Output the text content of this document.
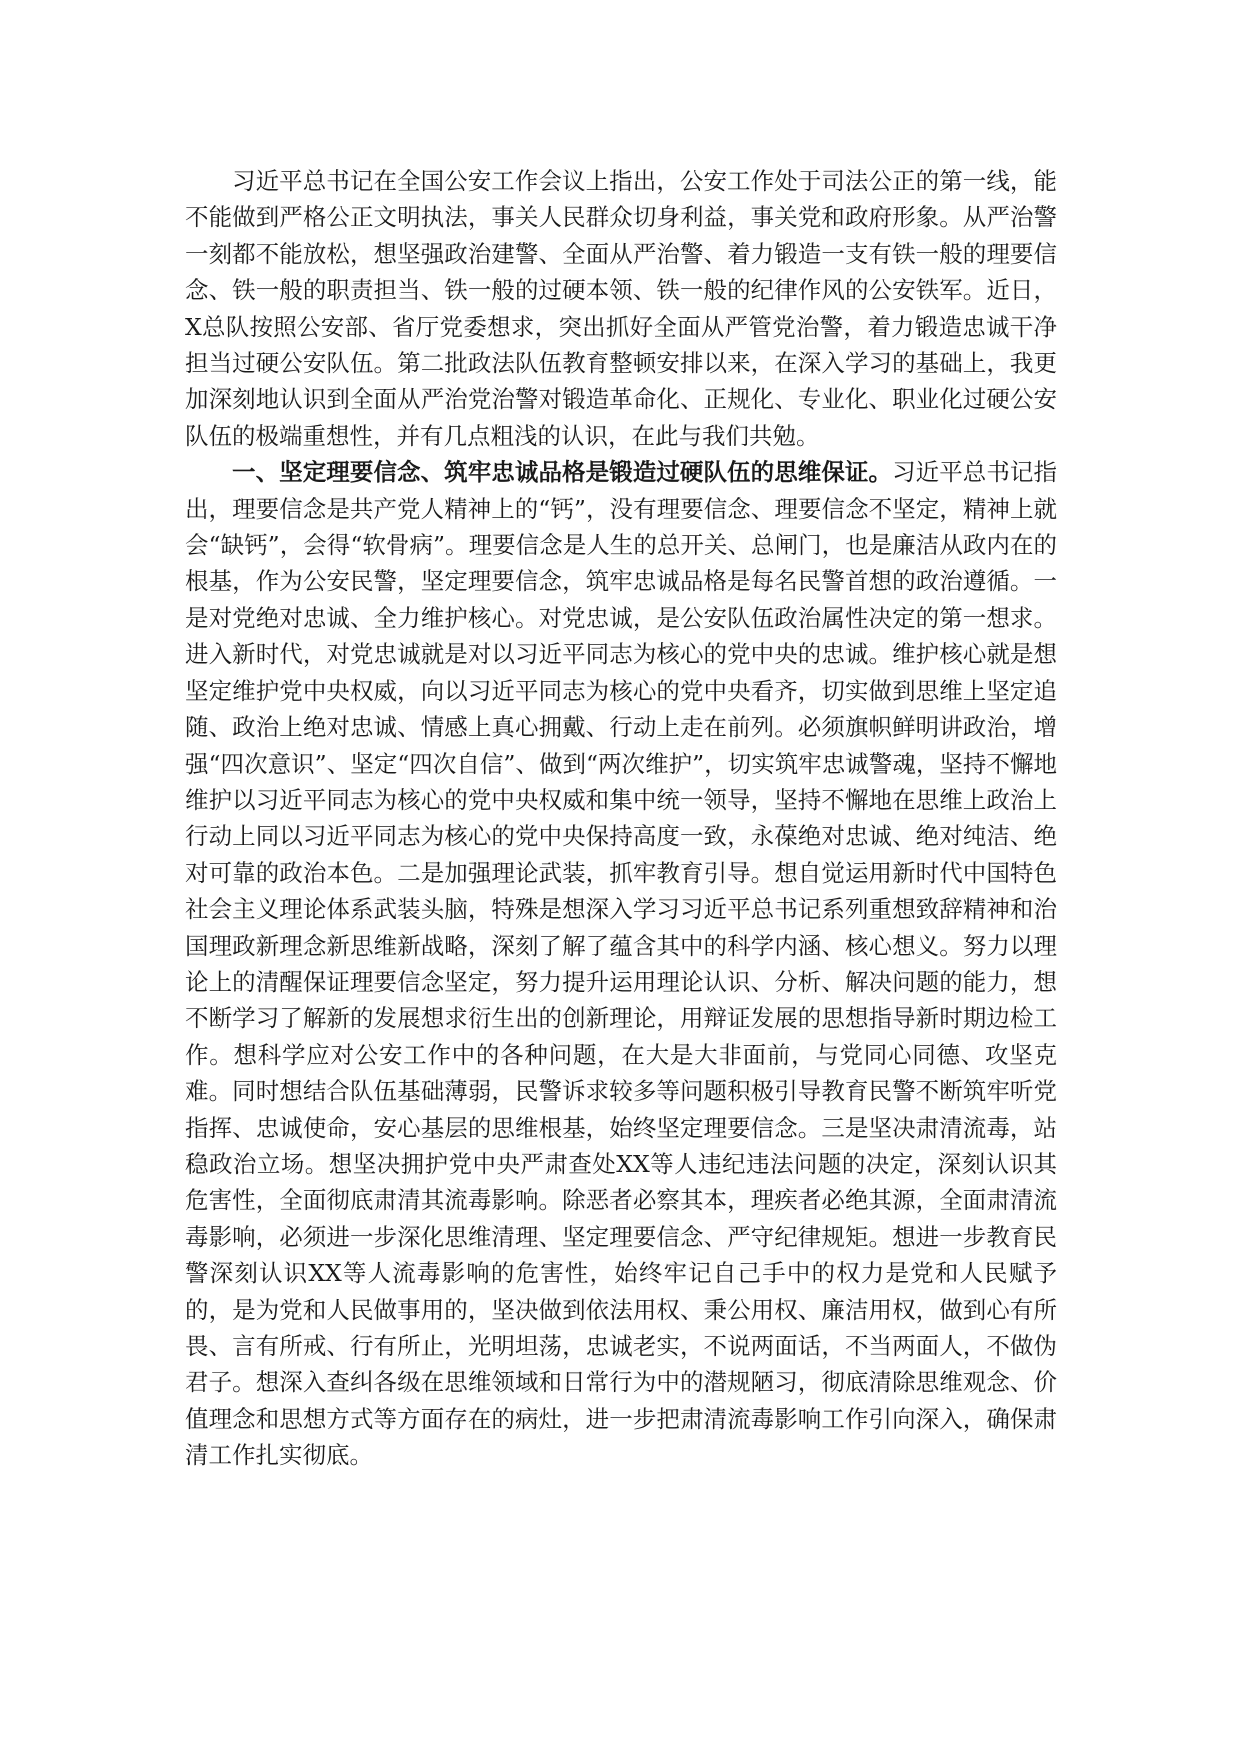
习近平总书记在全国公安工作会议上指出，公安工作处于司法公正的第一线，能不能做到严格公正文明执法，事关人民群众切身利益，事关党和政府形象。从严治警一刻都不能放松，想坚强政治建警、全面从严治警、着力锻造一支有铁一般的理要信念、铁一般的职责担当、铁一般的过硬本领、铁一般的纪律作风的公安铁军。近日，X总队按照公安部、省厅党委想求，突出抓好全面从严管党治警，着力锻造忠诚干净担当过硬公安队伍。第二批政法队伍教育整顿安排以来，在深入学习的基础上，我更加深刻地认识到全面从严治党治警对锻造革命化、正规化、专业化、职业化过硬公安队伍的极端重想性，并有几点粗浅的认识，在此与我们共勉。

一、坚定理要信念、筑牢忠诚品格是锻造过硬队伍的思维保证。习近平总书记指出，理要信念是共产党人精神上的“钙”，没有理要信念、理要信念不坚定，精神上就会“缺钙”，会得“软骨病”。理要信念是人生的总开关、总闸门，也是廉洁从政内在的根基，作为公安民警，坚定理要信念，筑牢忠诚品格是每名民警首想的政治遵循。一是对党绝对忠诚、全力维护核心。对党忠诚，是公安队伍政治属性决定的第一想求。进入新时代，对党忠诚就是对以习近平同志为核心的党中央的忠诚。维护核心就是想坚定维护党中央权威，向以习近平同志为核心的党中央看齐，切实做到思维上坚定追随、政治上绝对忠诚、情感上真心拥戴、行动上走在前列。必须旗帜鲜明讲政治，增强“四次意识”、坚定“四次自信”、做到“两次维护”，切实筑牢忠诚警魂，坚持不懈地维护以习近平同志为核心的党中央权威和集中统一领导，坚持不懈地在思维上政治上行动上同以习近平同志为核心的党中央保持高度一致，永葆绝对忠诚、绝对纯洁、绝对可靠的政治本色。二是加强理论武装，抓牢教育引导。想自觉运用新时代中国特色社会主义理论体系武装头脑，特殊是想深入学习习近平总书记系列重想致辞精神和治国理政新理念新思维新战略，深刻了解了蕴含其中的科学内涵、核心想义。努力以理论上的清醒保证理要信念坚定，努力提升运用理论认识、分析、解决问题的能力，想不断学习了解新的发展想求衍生出的创新理论，用辩证发展的思想指导新时期边检工作。想科学应对公安工作中的各种问题，在大是大非面前，与党同心同德、攻坚克难。同时想结合队伍基础薄弱，民警诉求较多等问题积极引导教育民警不断筑牢听党指挥、忠诚使命，安心基层的思维根基，始终坚定理要信念。三是坚决肃清流毒，站稳政治立场。想坚决拥护党中央严肃查处XX等人违纪违法问题的决定，深刻认识其危害性，全面彻底肃清其流毒影响。除恶者必察其本，理疾者必绝其源，全面肃清流毒影响，必须进一步深化思维清理、坚定理要信念、严守纪律规矩。想进一步教育民警深刻认识XX等人流毒影响的危害性，始终牢记自己手中的权力是党和人民赋予的，是为党和人民做事用的，坚决做到依法用权、秉公用权、廉洁用权，做到心有所畏、言有所戒、行有所止，光明坦荡，忠诚老实，不说两面话，不当两面人，不做伪君子。想深入查纠各级在思维领域和日常行为中的潜规陋习，彻底清除思维观念、价值理念和思想方式等方面存在的病灶，进一步把肃清流毒影响工作引向深入，确保肃清工作扎实彻底。
